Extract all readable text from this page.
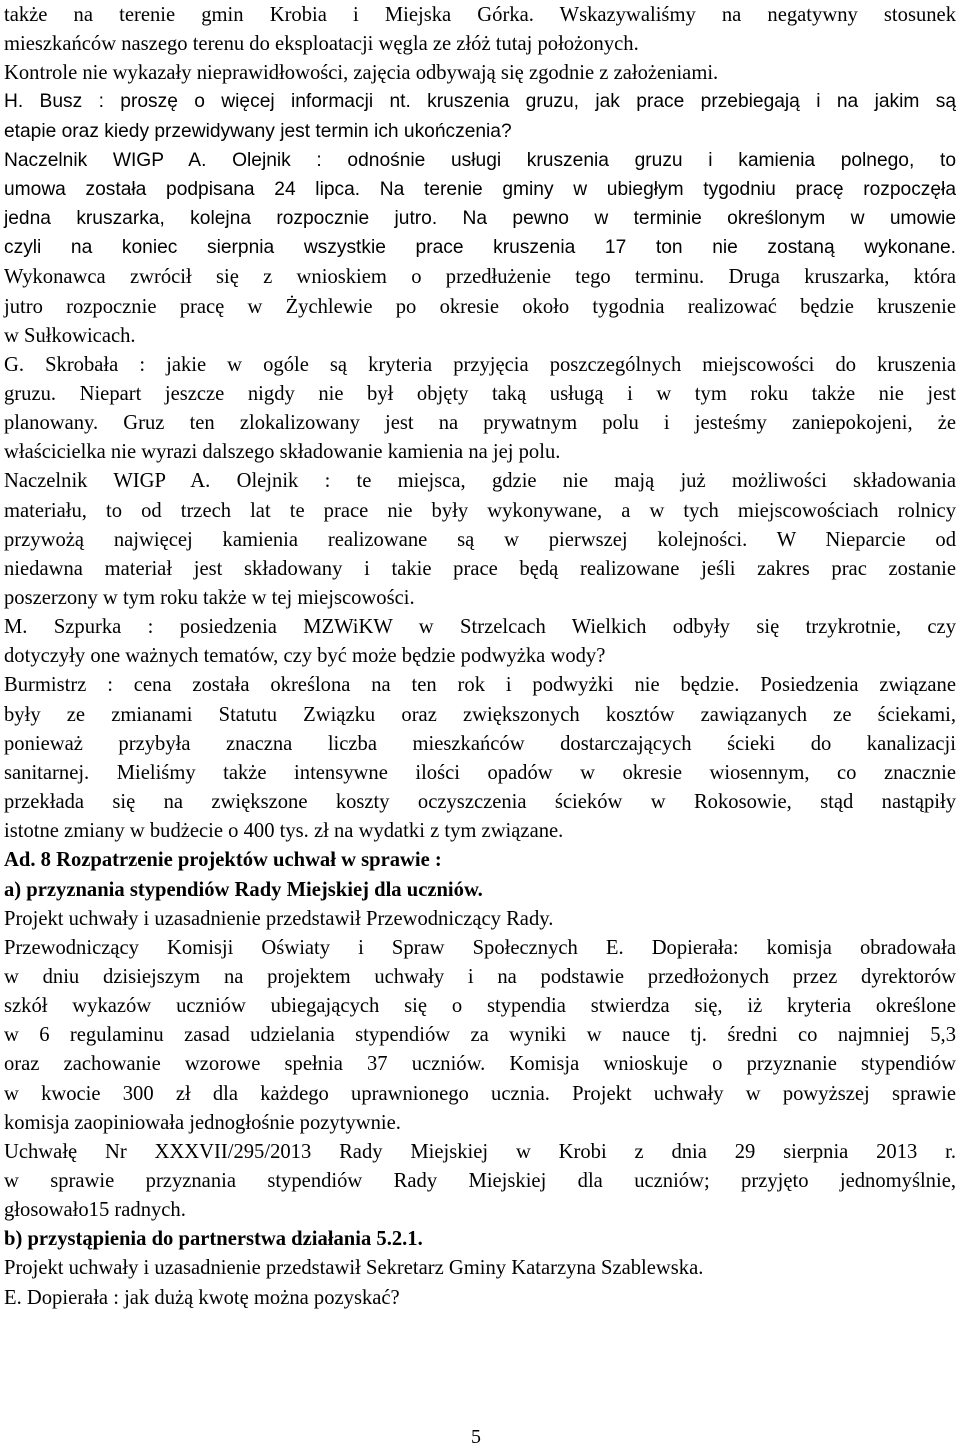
także na terenie gmin Krobia i Miejska Górka. Wskazywaliśmy na negatywny stosunek
mieszkańców naszego terenu do eksploatacji węgla ze złóż tutaj położonych.
Kontrole nie wykazały nieprawidłowości, zajęcia odbywają się zgodnie z założeniami.
H. Busz : proszę o więcej informacji nt. kruszenia gruzu, jak prace przebiegają i na jakim są
etapie oraz kiedy przewidywany jest termin ich ukończenia?
Naczelnik WIGP A. Olejnik : odnośnie usługi kruszenia gruzu i kamienia polnego, to
umowa została podpisana 24 lipca. Na terenie gminy w ubiegłym tygodniu pracę rozpoczęła
jedna kruszarka, kolejna rozpocznie jutro. Na pewno w terminie określonym w umowie
czyli na koniec sierpnia wszystkie prace kruszenia 17 ton nie zostaną wykonane.
Wykonawca zwrócił się z wnioskiem o przedłużenie tego terminu. Druga kruszarka, która
jutro rozpocznie pracę w Żychlewie po okresie około tygodnia realizować będzie kruszenie
w Sułkowicach.
G. Skrobała : jakie w ogóle są kryteria przyjęcia poszczególnych miejscowości do kruszenia
gruzu. Niepart jeszcze nigdy nie był objęty taką usługą i w tym roku także nie jest
planowany. Gruz ten zlokalizowany jest na prywatnym polu i jesteśmy zaniepokojeni, że
właścicielka nie wyrazi dalszego składowanie kamienia na jej polu.
Naczelnik WIGP A. Olejnik : te miejsca, gdzie nie mają już możliwości składowania
materiału, to od trzech lat te prace nie były wykonywane, a w tych miejscowościach rolnicy
przywożą najwięcej kamienia realizowane są w pierwszej kolejności. W Nieparcie od
niedawna materiał jest składowany i takie prace będą realizowane jeśli zakres prac zostanie
poszerzony w tym roku także w tej miejscowości.
M. Szpurka : posiedzenia MZWiKW w Strzelcach Wielkich odbyły się trzykrotnie, czy
dotyczyły one ważnych tematów, czy być może będzie podwyżka wody?
Burmistrz : cena została określona na ten rok i podwyżki nie będzie. Posiedzenia związane
były ze zmianami Statutu Związku oraz zwiększonych kosztów zawiązanych ze ściekami,
ponieważ przybyła znaczna liczba mieszkańców dostarczających ścieki do kanalizacji
sanitarnej. Mieliśmy także intensywne ilości opadów w okresie wiosennym, co znacznie
przekłada się na zwiększone koszty oczyszczenia ścieków w Rokosowie, stąd nastąpiły
istotne zmiany w budżecie o 400 tys. zł na wydatki z tym związane.
Ad. 8 Rozpatrzenie projektów uchwał w sprawie :
a) przyznania stypendiów Rady Miejskiej dla uczniów.
Projekt uchwały i uzasadnienie przedstawił Przewodniczący Rady.
Przewodniczący Komisji Oświaty i Spraw Społecznych E. Dopierała: komisja obradowała
w dniu dzisiejszym na projektem uchwały i na podstawie przedłożonych przez dyrektorów
szkół wykazów uczniów ubiegających się o stypendia stwierdza się, iż kryteria określone
w 6 regulaminu zasad udzielania stypendiów za wyniki w nauce tj. średni co najmniej 5,3
oraz zachowanie wzorowe spełnia 37 uczniów. Komisja wnioskuje o przyznanie stypendiów
w kwocie 300 zł dla każdego uprawnionego ucznia. Projekt uchwały w powyższej sprawie
komisja zaopiniowała jednogłośnie pozytywnie.
Uchwałę Nr XXXVII/295/2013 Rady Miejskiej w Krobi z dnia 29 sierpnia 2013 r.
w sprawie przyznania stypendiów Rady Miejskiej dla uczniów; przyjęto jednomyślnie,
głosowało15 radnych.
b) przystąpienia do partnerstwa działania 5.2.1.
Projekt uchwały i uzasadnienie przedstawił Sekretarz Gminy Katarzyna Szablewska.
E. Dopierała : jak dużą kwotę można pozyskać?
5
